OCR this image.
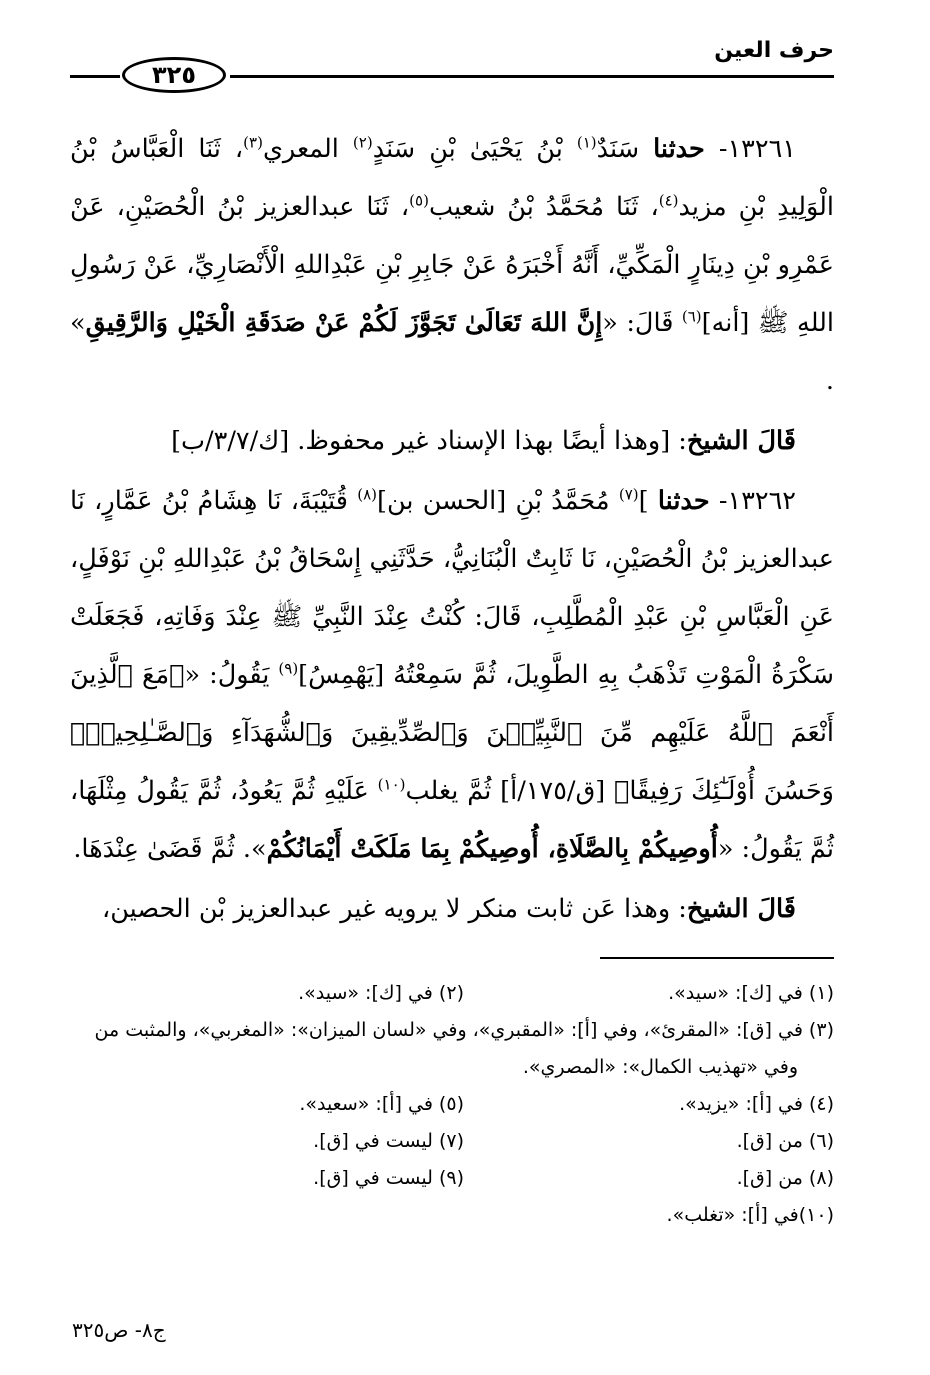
حرف العين
٣٢٥

١٣٢٦١- حدثنا سَنَدٌ$^{(١)}$ بْنُ يَحْيَىٰ بْنِ سَنَدٍ$^{(٢)}$ المعري$^{(٣)}$، ثَنَا الْعَبَّاسُ بْنُ الْوَلِيدِ بْنِ مزيد$^{(٤)}$، ثَنَا مُحَمَّدُ بْنُ شعيب$^{(٥)}$، ثَنَا عبدالعزيز بْنُ الْحُصَيْنِ، عَنْ عَمْرِو بْنِ دِينَارٍ الْمَكِّيِّ، أَنَّهُ أَخْبَرَهُ عَنْ جَابِرِ بْنِ عَبْدِاللهِ الْأَنْصَارِيِّ، عَنْ رَسُولِ اللهِ ﷺ [أنه]$^{(٦)}$ قَالَ: «إِنَّ اللهَ تَعَالَىٰ تَجَوَّزَ لَكُمْ عَنْ صَدَقَةِ الْخَيْلِ وَالرَّقِيقِ» .

قَالَ الشيخ: [وهذا أيضًا بهذا الإسناد غير محفوظ. [ك/٣/٧/ب]

١٣٢٦٢- حدثنا ]$^{(٧)}$ مُحَمَّدُ بْنِ [الحسن بن]$^{(٨)}$ قُتَيْبَةَ، نَا هِشَامُ بْنُ عَمَّارٍ، نَا عبدالعزيز بْنُ الْحُصَيْنِ، نَا ثَابِتٌ الْبُنَانِيُّ، حَدَّثَنِي إِسْحَاقُ بْنُ عَبْدِاللهِ بْنِ نَوْفَلٍ، عَنِ الْعَبَّاسِ بْنِ عَبْدِ الْمُطَّلِبِ، قَالَ: كُنْتُ عِنْدَ النَّبِيِّ ﷺ عِنْدَ وَفَاتِهِ، فَجَعَلَتْ سَكْرَةُ الْمَوْتِ تَذْهَبُ بِهِ الطَّوِيلَ، ثُمَّ سَمِعْتُهُ [يَهْمِسُ]$^{(٩)}$ يَقُولُ: «﴿مَعَ ٱلَّذِينَ أَنْعَمَ ٱللَّهُ عَلَيْهِم مِّنَ ٱلنَّبِيِّـۧنَ وَٱلصِّدِّيقِينَ وَٱلشُّهَدَآءِ وَٱلصَّـٰلِحِينَۚ وَحَسُنَ أُوْلَـٰٓئِكَ رَفِيقًا﴾ [ق/١٧٥/أ] ثُمَّ يغلب$^{(١٠)}$ عَلَيْهِ ثُمَّ يَعُودُ، ثُمَّ يَقُولُ مِثْلَهَا، ثُمَّ يَقُولُ: «أُوصِيكُمْ بِالصَّلَاةِ، أُوصِيكُمْ بِمَا مَلَكَتْ أَيْمَانُكُمْ». ثُمَّ قَضَىٰ عِنْدَهَا.

قَالَ الشيخ: وهذا عَن ثابت منكر لا يرويه غير عبدالعزيز بْن الحصين،

(١) في [ك]: «سيد».
(٢) في [ك]: «سيد».
(٣) في [ق]: «المقرئ»، وفي [أ]: «المقبري»، وفي «لسان الميزان»: «المغربي»، والمثبت من
وفي «تهذيب الكمال»: «المصري».
(٤) في [أ]: «يزيد».
(٥) في [أ]: «سعيد».
(٦) من [ق].
(٧) ليست في [ق].
(٨) من [ق].
(٩) ليست في [ق].
(١٠)في [أ]: «تغلب».
ج٨- ص٣٢٥
